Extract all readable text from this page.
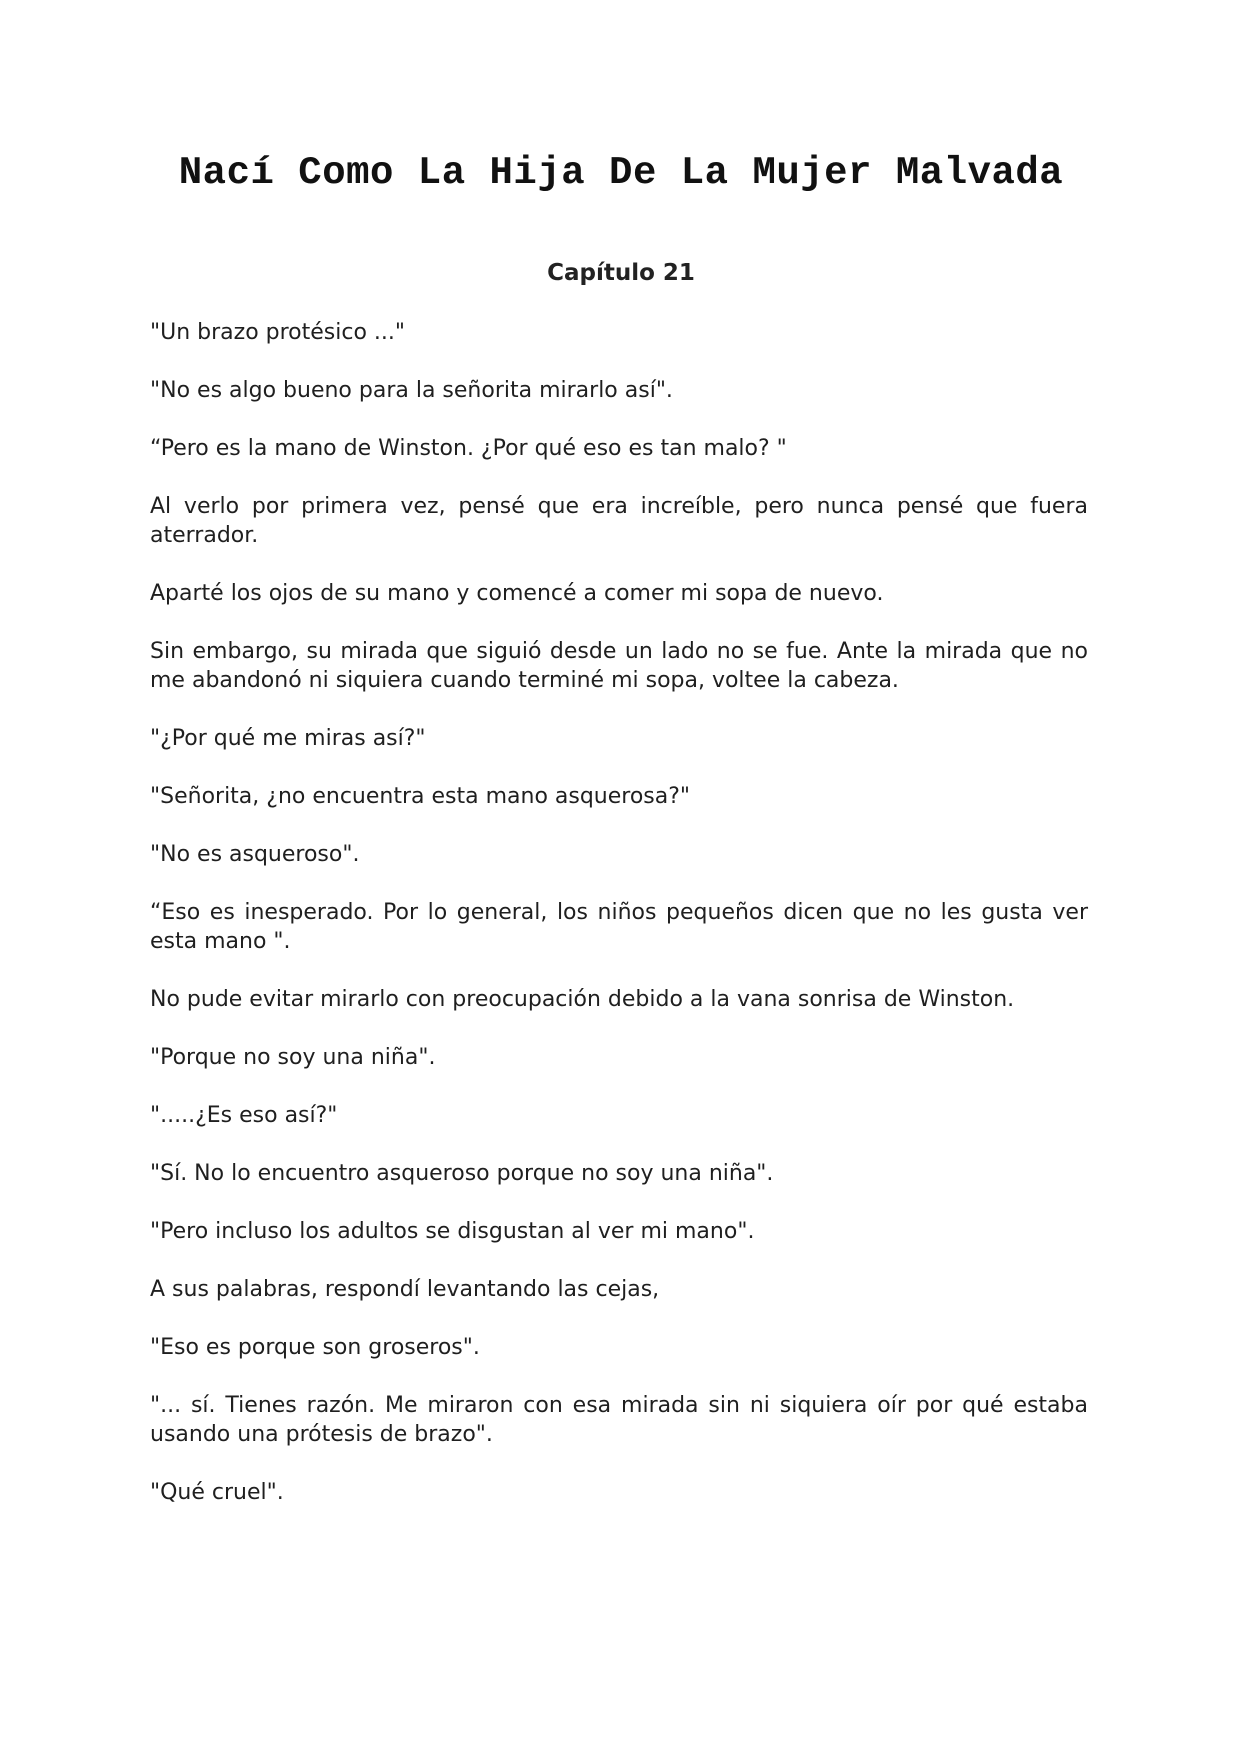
Nací Como La Hija De La Mujer Malvada
Capítulo 21

"Un brazo protésico ..."

"No es algo bueno para la señorita mirarlo así".

“Pero es la mano de Winston. ¿Por qué eso es tan malo? "

Al verlo por primera vez, pensé que era increíble, pero nunca pensé que fuera aterrador.

Aparté los ojos de su mano y comencé a comer mi sopa de nuevo.

Sin embargo, su mirada que siguió desde un lado no se fue. Ante la mirada que no me abandonó ni siquiera cuando terminé mi sopa, voltee la cabeza.

"¿Por qué me miras así?"

"Señorita, ¿no encuentra esta mano asquerosa?"

"No es asqueroso".

“Eso es inesperado. Por lo general, los niños pequeños dicen que no les gusta ver esta mano ".

No pude evitar mirarlo con preocupación debido a la vana sonrisa de Winston.

"Porque no soy una niña".

".....¿Es eso así?"

"Sí. No lo encuentro asqueroso porque no soy una niña".

"Pero incluso los adultos se disgustan al ver mi mano".

A sus palabras, respondí levantando las cejas,

"Eso es porque son groseros".

"... sí. Tienes razón. Me miraron con esa mirada sin ni siquiera oír por qué estaba usando una prótesis de brazo".

"Qué cruel".
